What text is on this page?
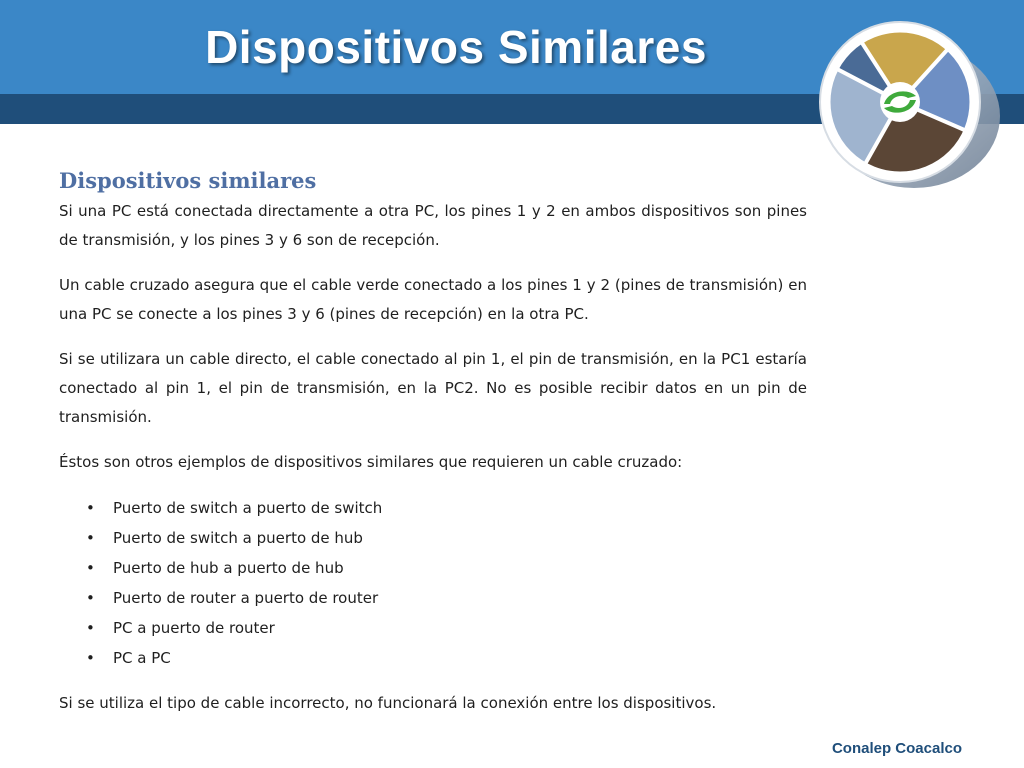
Dispositivos Similares
Dispositivos similares

Si una PC está conectada directamente a otra PC, los pines 1 y 2 en ambos dispositivos son pines de transmisión, y los pines 3 y 6 son de recepción.

Un cable cruzado asegura que el cable verde conectado a los pines 1 y 2 (pines de transmisión) en una PC se conecte a los pines 3 y 6 (pines de recepción) en la otra PC.

Si se utilizara un cable directo, el cable conectado al pin 1, el pin de transmisión, en la PC1 estaría conectado al pin 1, el pin de transmisión, en la PC2. No es posible recibir datos en un pin de transmisión.

Éstos son otros ejemplos de dispositivos similares que requieren un cable cruzado:

• Puerto de switch a puerto de switch
• Puerto de switch a puerto de hub
• Puerto de hub a puerto de hub
• Puerto de router a puerto de router
• PC a puerto de router
• PC a PC

Si se utiliza el tipo de cable incorrecto, no funcionará la conexión entre los dispositivos.

Conalep Coacalco
